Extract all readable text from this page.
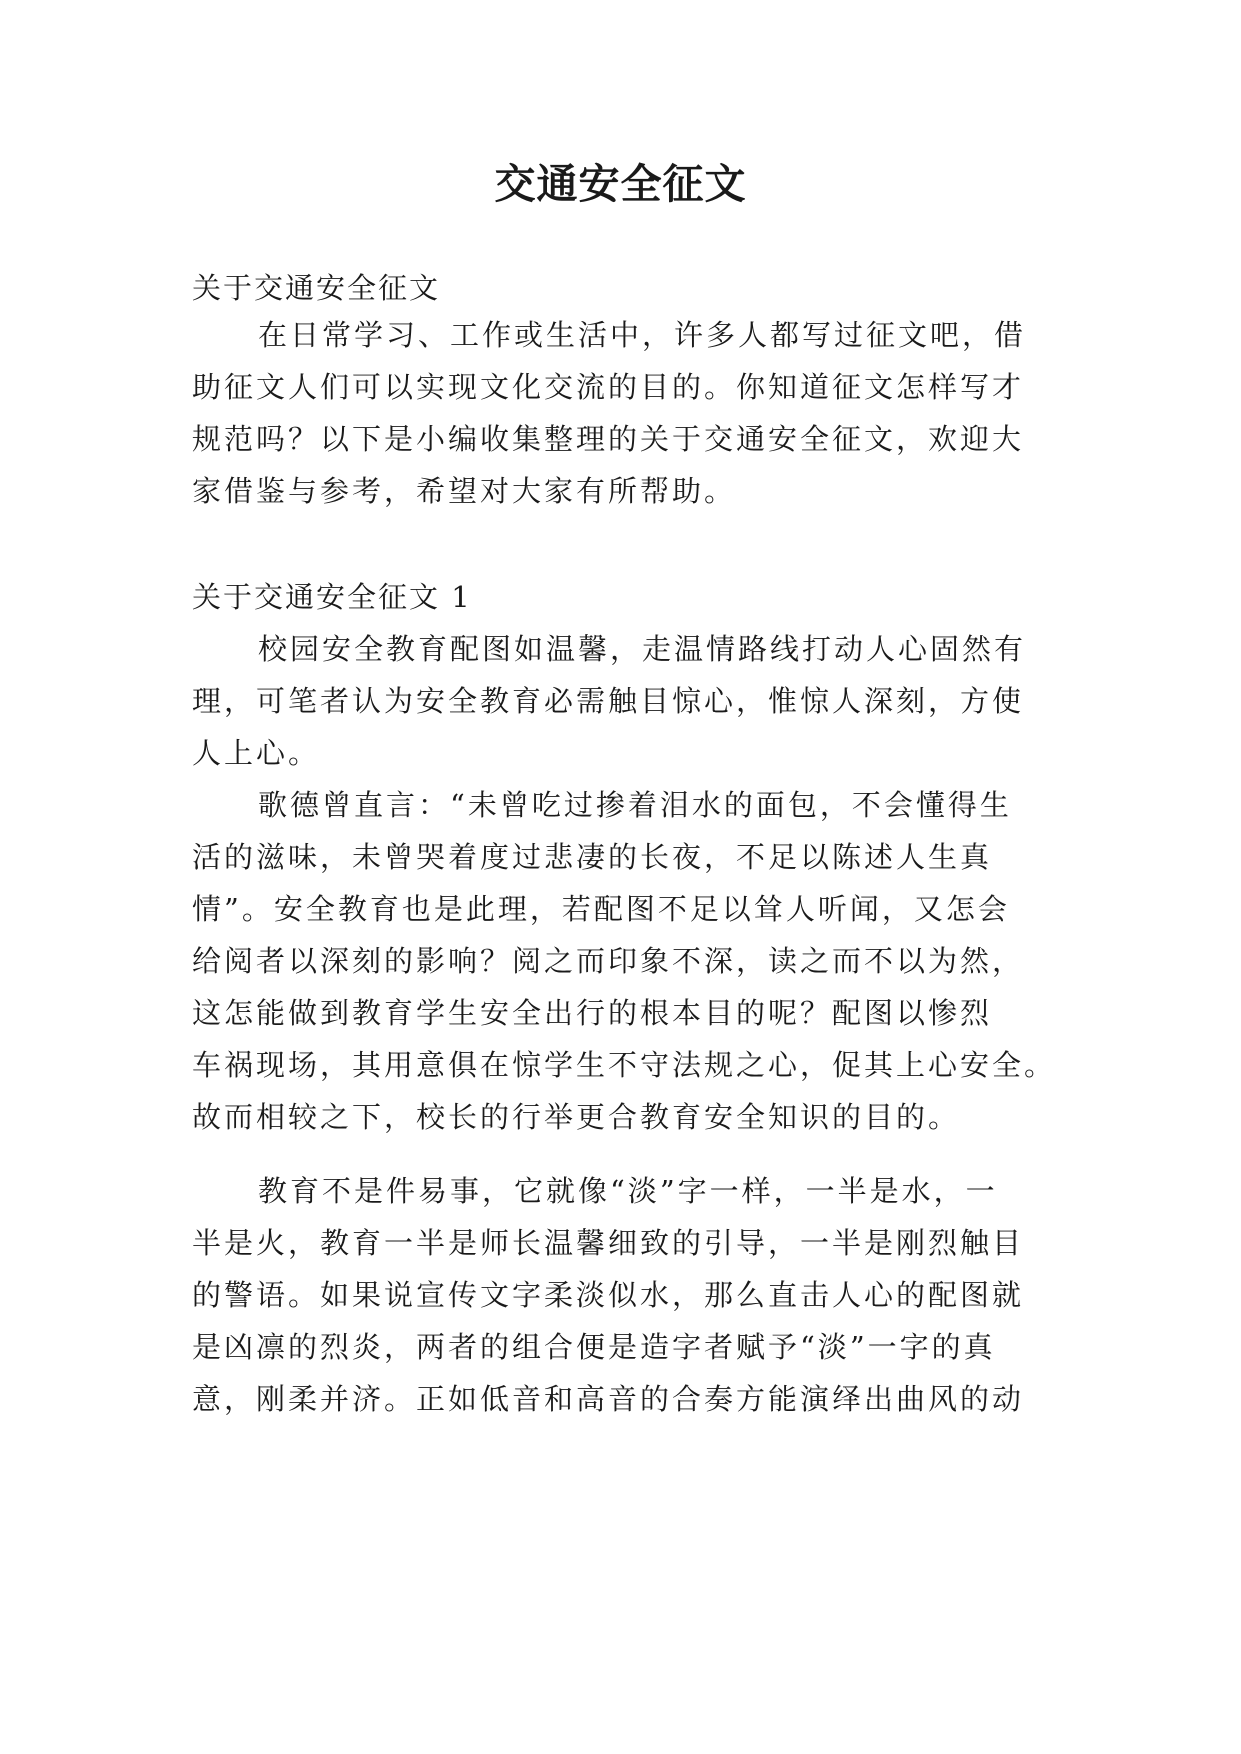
交通安全征文

关于交通安全征文

在日常学习、工作或生活中，许多人都写过征文吧，借

助征文人们可以实现文化交流的目的。你知道征文怎样写才

规范吗？以下是小编收集整理的关于交通安全征文，欢迎大

家借鉴与参考，希望对大家有所帮助。

关于交通安全征文 1

校园安全教育配图如温馨，走温情路线打动人心固然有

理，可笔者认为安全教育必需触目惊心，惟惊人深刻，方使

人上心。

歌德曾直言：“未曾吃过掺着泪水的面包，不会懂得生

活的滋味，未曾哭着度过悲凄的长夜，不足以陈述人生真

情”。安全教育也是此理，若配图不足以耸人听闻，又怎会

给阅者以深刻的影响？阅之而印象不深，读之而不以为然，

这怎能做到教育学生安全出行的根本目的呢？配图以惨烈

车祸现场，其用意俱在惊学生不守法规之心，促其上心安全。

故而相较之下，校长的行举更合教育安全知识的目的。

教育不是件易事，它就像“淡”字一样，一半是水，一

半是火，教育一半是师长温馨细致的引导，一半是刚烈触目

的警语。如果说宣传文字柔淡似水，那么直击人心的配图就

是凶凛的烈炎，两者的组合便是造字者赋予“淡”一字的真

意，刚柔并济。正如低音和高音的合奏方能演绎出曲风的动
